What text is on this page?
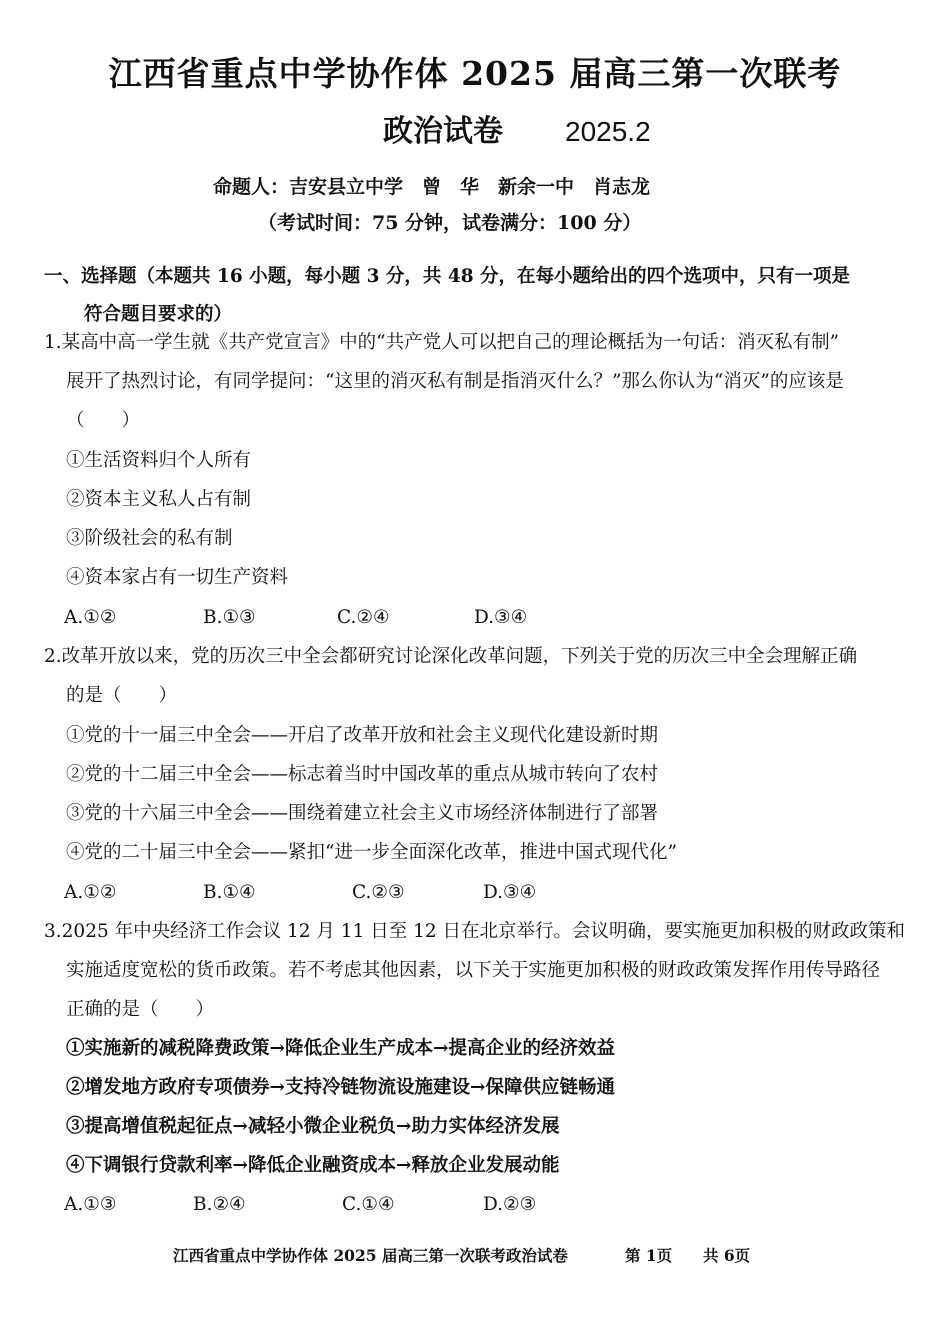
江西省重点中学协作体 2025 届高三第一次联考
政治试卷 2025.2
命题人：吉安县立中学　曾　华　新余一中　肖志龙
（考试时间：75 分钟，试卷满分：100 分）
一、选择题（本题共 16 小题，每小题 3 分，共 48 分，在每小题给出的四个选项中，只有一项是
符合题目要求的）
1.某高中高一学生就《共产党宣言》中的“共产党人可以把自己的理论概括为一句话：消灭私有制”
展开了热烈讨论，有同学提问：“这里的消灭私有制是指消灭什么？”那么你认为“消灭”的应该是
（　　）
①生活资料归个人所有
②资本主义私人占有制
③阶级社会的私有制
④资本家占有一切生产资料
A.①②	B.①③	C.②④	D.③④
2.改革开放以来，党的历次三中全会都研究讨论深化改革问题，下列关于党的历次三中全会理解正确
的是（　　）
①党的十一届三中全会——开启了改革开放和社会主义现代化建设新时期
②党的十二届三中全会——标志着当时中国改革的重点从城市转向了农村
③党的十六届三中全会——围绕着建立社会主义市场经济体制进行了部署
④党的二十届三中全会——紧扣“进一步全面深化改革，推进中国式现代化”
A.①②	B.①④	C.②③	D.③④
3.2025 年中央经济工作会议 12 月 11 日至 12 日在北京举行。会议明确，要实施更加积极的财政政策和
实施适度宽松的货币政策。若不考虑其他因素，以下关于实施更加积极的财政政策发挥作用传导路径
正确的是（　　）
①实施新的减税降费政策→降低企业生产成本→提高企业的经济效益
②增发地方政府专项债券→支持冷链物流设施建设→保障供应链畅通
③提高增值税起征点→减轻小微企业税负→助力实体经济发展
④下调银行贷款利率→降低企业融资成本→释放企业发展动能
A.①③	B.②④	C.①④	D.②③
江西省重点中学协作体 2025 届高三第一次联考政治试卷	第 1页 共 6页
